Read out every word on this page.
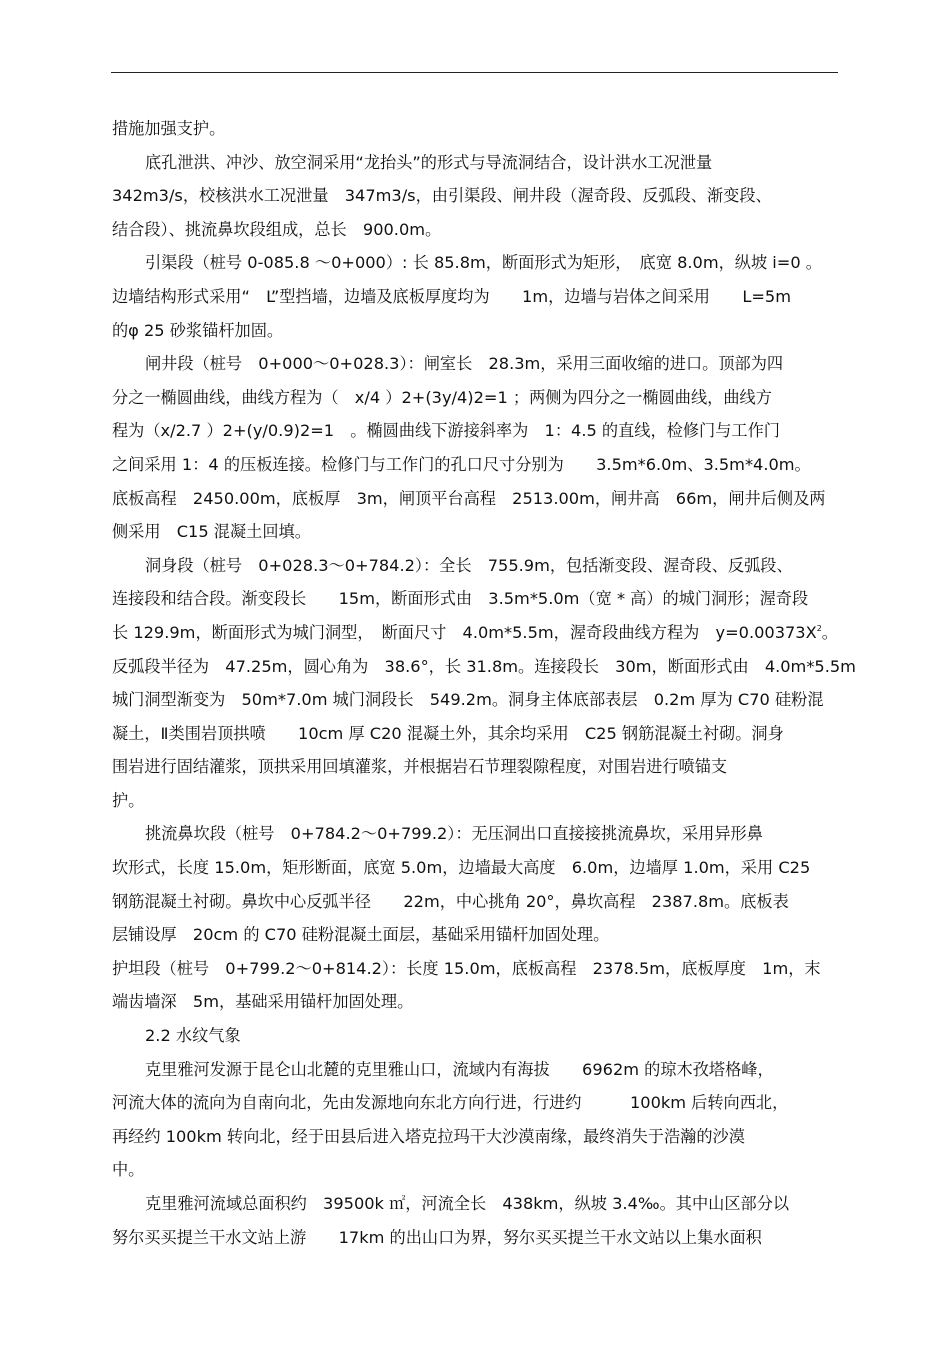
措施加强支护。
底孔泄洪、冲沙、放空洞采用“龙抬头”的形式与导流洞结合，设计洪水工况泄量
342m3/s，校核洪水工况泄量　347m3/s，由引渠段、闸井段（渥奇段、反弧段、渐变段、
结合段）、挑流鼻坎段组成，总长　900.0m。
引渠段（桩号 0-085.8 ～0+000）: 长 85.8m，断面形式为矩形，　底宽 8.0m，纵坡 i=0 。
边墙结构形式采用“　L”型挡墙，边墙及底板厚度均为　　1m，边墙与岩体之间采用　　L=5m
的φ 25 砂浆锚杆加固。
闸井段（桩号　0+000～0+028.3）：闸室长　28.3m，采用三面收缩的进口。顶部为四
分之一椭圆曲线，曲线方程为（　x/4 ）2+(3y/4)2=1 ；两侧为四分之一椭圆曲线，曲线方
程为（x/2.7 ）2+(y/0.9)2=1　。椭圆曲线下游接斜率为　1：4.5 的直线，检修门与工作门
之间采用 1：4 的压板连接。检修门与工作门的孔口尺寸分别为　　3.5m*6.0m、3.5m*4.0m。
底板高程　2450.00m，底板厚　3m，闸顶平台高程　2513.00m，闸井高　66m，闸井后侧及两
侧采用　C15 混凝土回填。
洞身段（桩号　0+028.3～0+784.2）：全长　755.9m，包括渐变段、渥奇段、反弧段、
连接段和结合段。渐变段长　　15m，断面形式由　3.5m*5.0m（宽 * 高）的城门洞形；渥奇段
长 129.9m，断面形式为城门洞型，　断面尺寸　4.0m*5.5m，渥奇段曲线方程为　$y=0.00373X^2$。
反弧段半径为　47.25m，圆心角为　38.6°，长 31.8m。连接段长　30m，断面形式由　4.0m*5.5m
城门洞型渐变为　50m*7.0m 城门洞段长　549.2m。洞身主体底部表层　0.2m 厚为 C70 硅粉混
凝土，Ⅱ类围岩顶拱喷　　10cm 厚 C20 混凝土外，其余均采用　C25 钢筋混凝土衬砌。洞身
围岩进行固结灌浆，顶拱采用回填灌浆，并根据岩石节理裂隙程度，对围岩进行喷锚支
护。
挑流鼻坎段（桩号　0+784.2～0+799.2）：无压洞出口直接接挑流鼻坎，采用异形鼻
坎形式，长度 15.0m，矩形断面，底宽 5.0m，边墙最大高度　6.0m，边墙厚 1.0m，采用 C25
钢筋混凝土衬砌。鼻坎中心反弧半径　　22m，中心挑角 20°，鼻坎高程　2387.8m。底板表
层铺设厚　20cm 的 C70 硅粉混凝土面层，基础采用锚杆加固处理。
护坦段（桩号　0+799.2～0+814.2）：长度 15.0m，底板高程　2378.5m，底板厚度　1m，末
端齿墙深　5m，基础采用锚杆加固处理。
2.2 水纹气象
克里雅河发源于昆仑山北麓的克里雅山口，流域内有海拔　　6962m 的琼木孜塔格峰，
河流大体的流向为自南向北，先由发源地向东北方向行进，行进约　　　100km 后转向西北，
再经约 100km 转向北，经于田县后进入塔克拉玛干大沙漠南缘，最终消失于浩瀚的沙漠
中。
克里雅河流域总面积约　39500k ㎡，河流全长　438km，纵坡 3.4‰。其中山区部分以
努尔买买提兰干水文站上游　　17km 的出山口为界，努尔买买提兰干水文站以上集水面积
